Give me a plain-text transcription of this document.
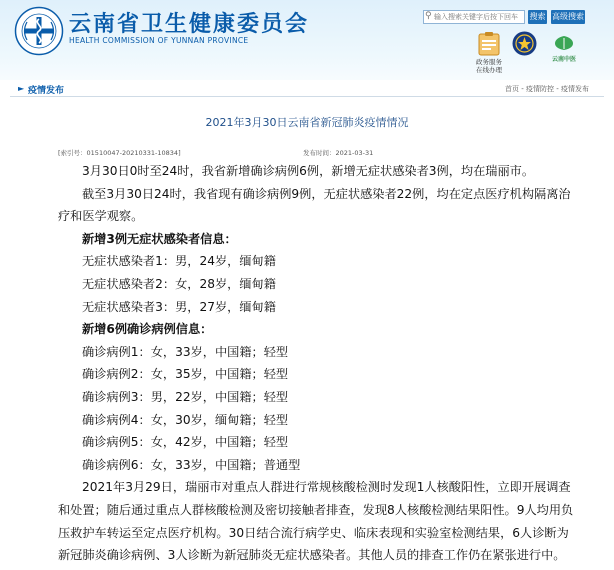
云南省卫生健康委员会
HEALTH COMMISSION OF YUNNAN PROVINCE
⚲
输入搜索关键字后按下回车	搜索 高级搜索
政务服务
在线办理
云南中医
► 疫情发布	首页 - 疫情防控 - 疫情发布
2021年3月30日云南省新冠肺炎疫情情况
[索引号：01510047-20210331-10834]	发布时间：2021-03-31

3月30日0时至24时，我省新增确诊病例6例，新增无症状感染者3例，均在瑞丽市。

截至3月30日24时，我省现有确诊病例9例，无症状感染者22例，均在定点医疗机构隔离治疗和医学观察。

新增3例无症状感染者信息：

无症状感染者1：男，24岁，缅甸籍

无症状感染者2：女，28岁，缅甸籍

无症状感染者3：男，27岁，缅甸籍

新增6例确诊病例信息：

确诊病例1：女，33岁，中国籍；轻型

确诊病例2：女，35岁，中国籍；轻型

确诊病例3：男，22岁，中国籍；轻型

确诊病例4：女，30岁，缅甸籍；轻型

确诊病例5：女，42岁，中国籍；轻型

确诊病例6：女，33岁，中国籍；普通型

2021年3月29日，瑞丽市对重点人群进行常规核酸检测时发现1人核酸阳性，立即开展调查和处置；随后通过重点人群核酸检测及密切接触者排查，发现8人核酸检测结果阳性。9人均用负压救护车转运至定点医疗机构。30日结合流行病学史、临床表现和实验室检测结果，6人诊断为新冠肺炎确诊病例、3人诊断为新冠肺炎无症状感染者。其他人员的排查工作仍在紧张进行中。
